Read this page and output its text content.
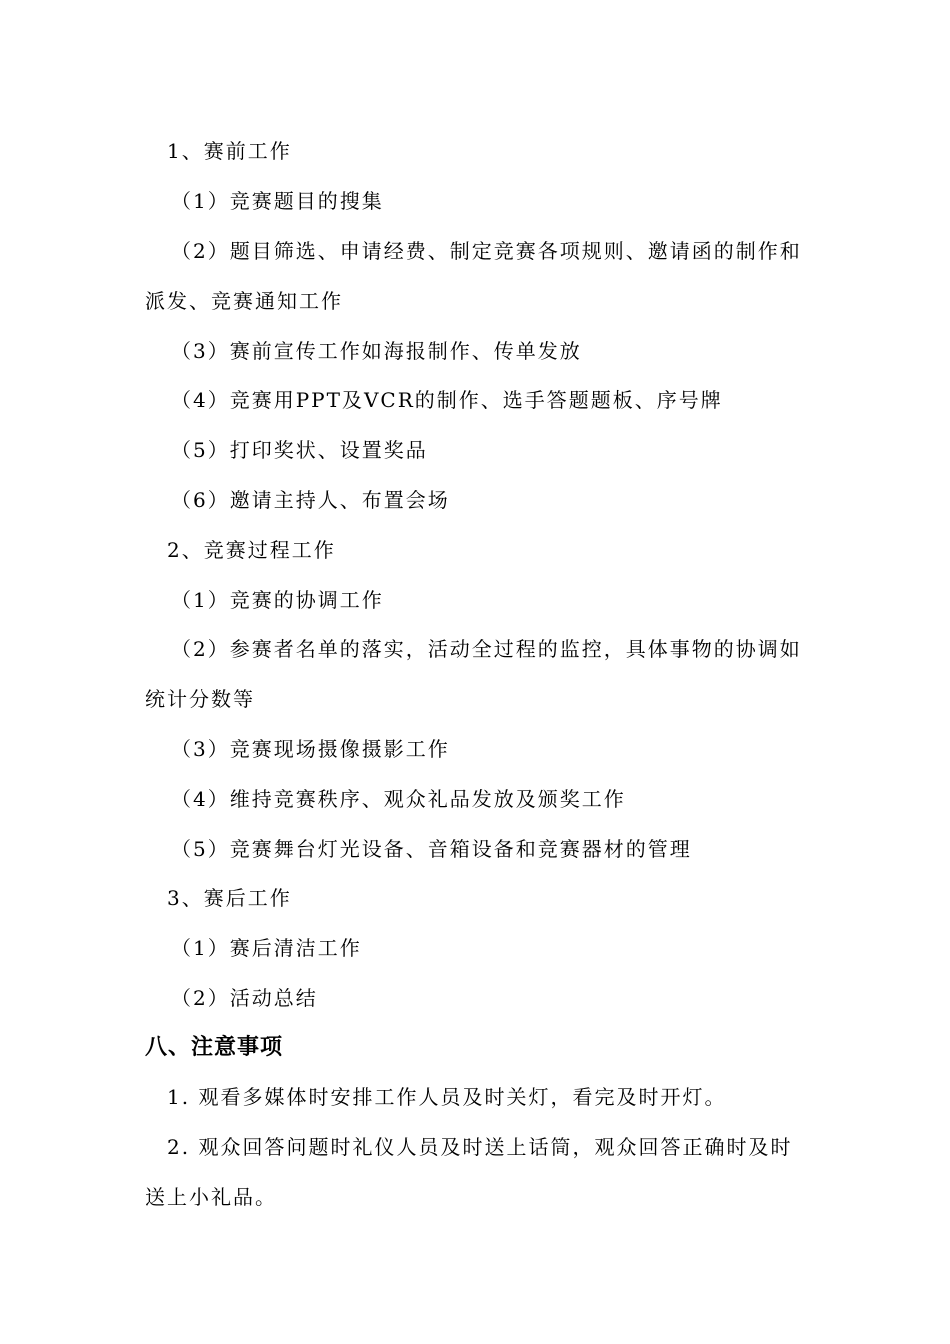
1、赛前工作
（1）竞赛题目的搜集
（2）题目筛选、申请经费、制定竞赛各项规则、邀请函的制作和
派发、竞赛通知工作
（3）赛前宣传工作如海报制作、传单发放
（4）竞赛用PPT及VCR的制作、选手答题题板、序号牌
（5）打印奖状、设置奖品
（6）邀请主持人、布置会场
2、竞赛过程工作
（1）竞赛的协调工作
（2）参赛者名单的落实，活动全过程的监控，具体事物的协调如
统计分数等
（3）竞赛现场摄像摄影工作
（4）维持竞赛秩序、观众礼品发放及颁奖工作
（5）竞赛舞台灯光设备、音箱设备和竞赛器材的管理
3、赛后工作
（1）赛后清洁工作
（2）活动总结
八、注意事项
1. 观看多媒体时安排工作人员及时关灯，看完及时开灯。
2. 观众回答问题时礼仪人员及时送上话筒，观众回答正确时及时
送上小礼品。
